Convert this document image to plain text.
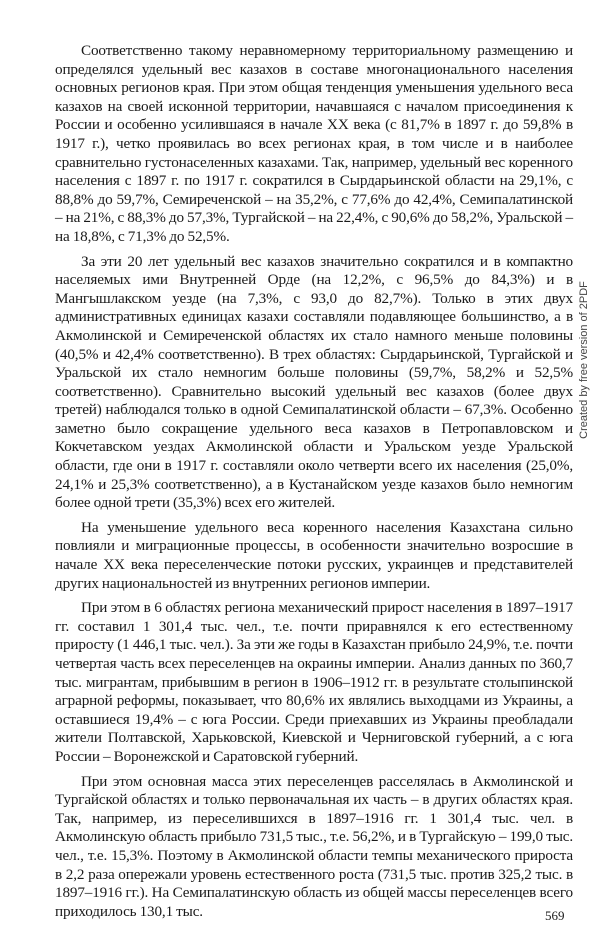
Соответственно такому неравномерному территориальному размещению и определялся удельный вес казахов в составе многонационального населения основных регионов края. При этом общая тенденция уменьшения удельного веса казахов на своей исконной территории, начавшаяся с началом присоединения к России и особенно усилившаяся в начале XX века (с 81,7% в 1897 г. до 59,8% в 1917 г.), четко проявилась во всех регионах края, в том числе и в наиболее сравнительно густонаселенных казахами. Так, например, удельный вес коренного населения с 1897 г. по 1917 г. сократился в Сырдарьинской области на 29,1%, с 88,8% до 59,7%, Семиреченской – на 35,2%, с 77,6% до 42,4%, Семипалатинской – на 21%, с 88,3% до 57,3%, Тургайской – на 22,4%, с 90,6% до 58,2%, Уральской – на 18,8%, с 71,3% до 52,5%.

За эти 20 лет удельный вес казахов значительно сократился и в компактно населяемых ими Внутренней Орде (на 12,2%, с 96,5% до 84,3%) и в Мангышлакском уезде (на 7,3%, с 93,0 до 82,7%). Только в этих двух административных единицах казахи составляли подавляющее большинство, а в Акмолинской и Семиреченской областях их стало намного меньше половины (40,5% и 42,4% соответственно). В трех областях: Сырдарьинской, Тургайской и Уральской их стало немногим больше половины (59,7%, 58,2% и 52,5% соответственно). Сравнительно высокий удельный вес казахов (более двух третей) наблюдался только в одной Семипалатинской области – 67,3%. Особенно заметно было сокращение удельного веса казахов в Петропавловском и Кокчетавском уездах Акмолинской области и Уральском уезде Уральской области, где они в 1917 г. составляли около четверти всего их населения (25,0%, 24,1% и 25,3% соответственно), а в Кустанайском уезде казахов было немногим более одной трети (35,3%) всех его жителей.

На уменьшение удельного веса коренного населения Казахстана сильно повлияли и миграционные процессы, в особенности значительно возросшие в начале XX века переселенческие потоки русских, украинцев и представителей других национальностей из внутренних регионов империи.

При этом в 6 областях региона механический прирост населения в 1897–1917 гг. составил 1 301,4 тыс. чел., т.е. почти приравнялся к его естественному приросту (1 446,1 тыс. чел.). За эти же годы в Казахстан прибыло 24,9%, т.е. почти четвертая часть всех переселенцев на окраины империи. Анализ данных по 360,7 тыс. мигрантам, прибывшим в регион в 1906–1912 гг. в результате столыпинской аграрной реформы, показывает, что 80,6% их являлись выходцами из Украины, а оставшиеся 19,4% – с юга России. Среди приехавших из Украины преобладали жители Полтавской, Харьковской, Киевской и Черниговской губерний, а с юга России – Воронежской и Саратовской губерний.

При этом основная масса этих переселенцев расселялась в Акмолинской и Тургайской областях и только первоначальная их часть – в других областях края. Так, например, из переселившихся в 1897–1916 гг. 1 301,4 тыс. чел. в Акмолинскую область прибыло 731,5 тыс., т.е. 56,2%, и в Тургайскую – 199,0 тыс. чел., т.е. 15,3%. Поэтому в Акмолинской области темпы механического прироста в 2,2 раза опережали уровень естественного роста (731,5 тыс. против 325,2 тыс. в 1897–1916 гг.). На Семипалатинскую область из общей массы переселенцев всего приходилось 130,1 тыс.

Created by free version of 2PDF
569
